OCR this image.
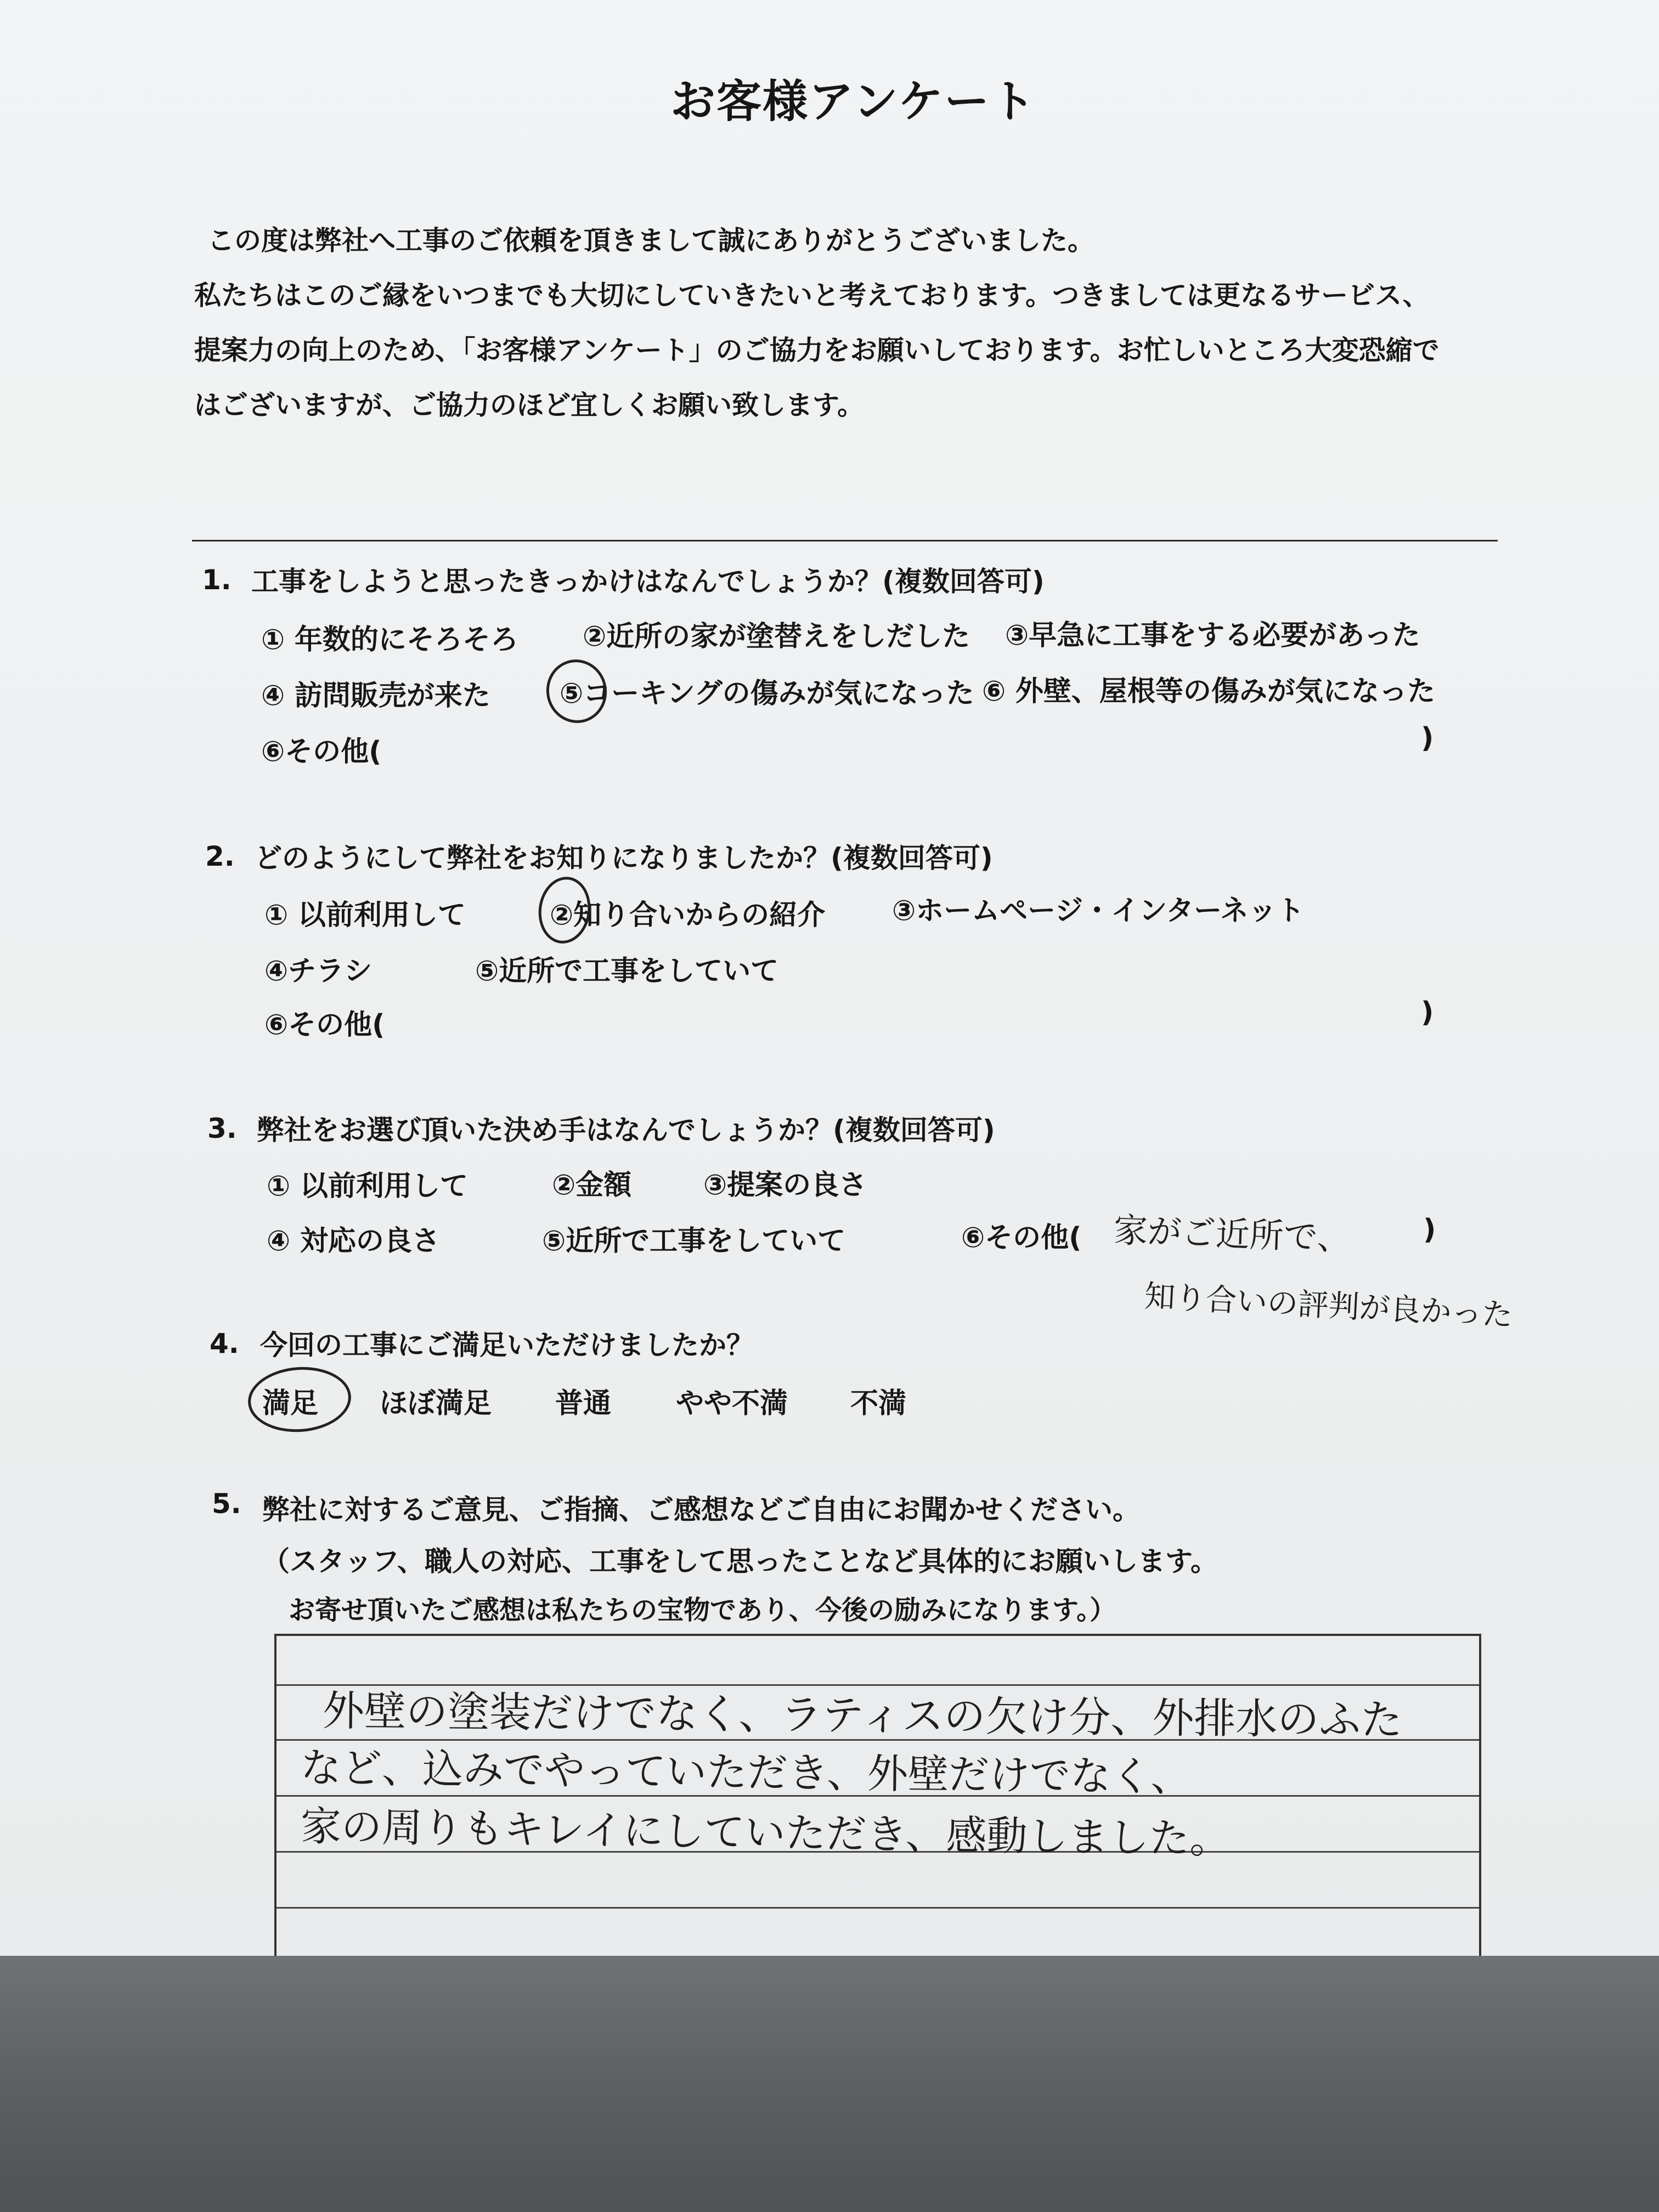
お客様アンケート
この度は弊社へ工事のご依頼を頂きまして誠にありがとうございました。
私たちはこのご縁をいつまでも大切にしていきたいと考えております。つきましては更なるサービス、
提案力の向上のため、「お客様アンケート」のご協力をお願いしております。お忙しいところ大変恐縮で
はございますが、ご協力のほど宜しくお願い致します。
1. 工事をしようと思ったきっかけはなんでしょうか？(複数回答可)
① 年数的にそろそろ ②近所の家が塗替えをしだした ③早急に工事をする必要があった
④ 訪問販売が来た ⑤コーキングの傷みが気になった ⑥ 外壁、屋根等の傷みが気になった
⑥その他(	)
2. どのようにして弊社をお知りになりましたか？(複数回答可)
① 以前利用して	②知り合いからの紹介 ③ホームページ・インターネット
④チラシ	⑤近所で工事をしていて
⑥その他(	)
3. 弊社をお選び頂いた決め手はなんでしょうか？(複数回答可)
① 以前利用して	②金額	③提案の良さ
④ 対応の良さ	⑤近所で工事をしていて	⑥その他(	)
家がご近所で、
知り合いの評判が良かった
4. 今回の工事にご満足いただけましたか？
満足 ほぼ満足 普通 やや不満 不満
5. 弊社に対するご意見、ご指摘、ご感想などご自由にお聞かせください。
（スタッフ、職人の対応、工事をして思ったことなど具体的にお願いします。
お寄せ頂いたご感想は私たちの宝物であり、今後の励みになります。）
外壁の塗装だけでなく、ラティスの欠け分、外排水のふた
など、込みでやっていただき、外壁だけでなく、
家の周りもキレイにしていただき、感動しました。
